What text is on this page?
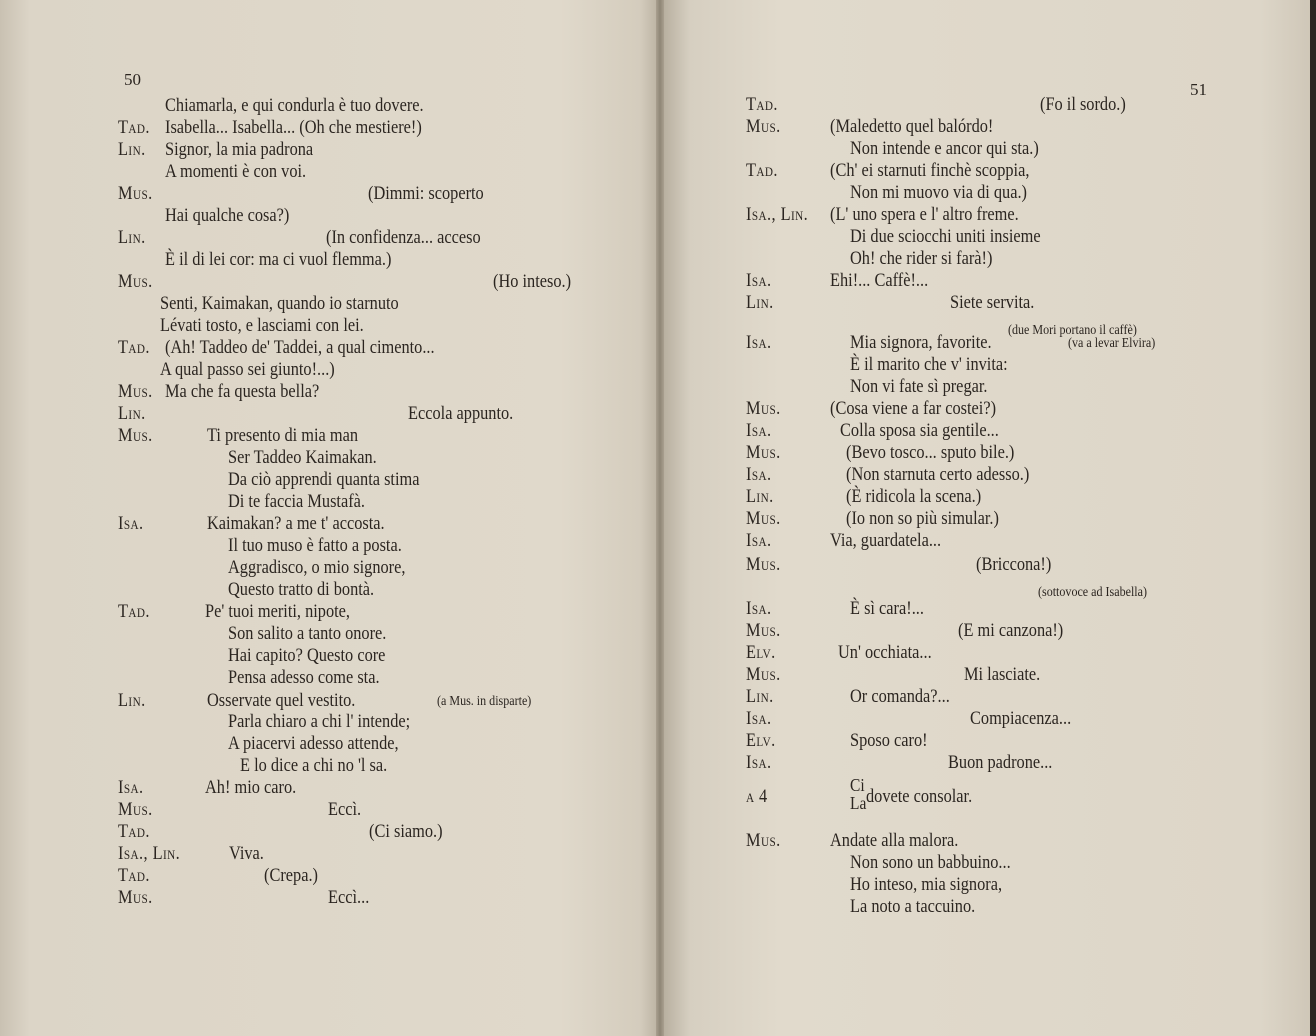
50
Chiamarla, e qui condurla è tuo dovere.
Tad. Isabella... Isabella... (Oh che mestiere!)
Lin. Signor, la mia padrona
A momenti è con voi.
Mus.	(Dimmi: scoperto
Hai qualche cosa?)
Lin.	(In confidenza... acceso
È il di lei cor: ma ci vuol flemma.)
Mus.	(Ho inteso.)
Senti, Kaimakan, quando io starnuto
Lévati tosto, e lasciami con lei.
Tad. (Ah! Taddeo de' Taddei, a qual cimento...
A qual passo sei giunto!...)
Mus. Ma che fa questa bella?
Lin.	Eccola appunto.
Mus.	Ti presento di mia man
Ser Taddeo Kaimakan.
Da ciò apprendi quanta stima
Di te faccia Mustafà.
Isa.	Kaimakan? a me t' accosta.
Il tuo muso è fatto a posta.
Aggradisco, o mio signore,
Questo tratto di bontà.
Tad.	Pe' tuoi meriti, nipote,
Son salito a tanto onore.
Hai capito? Questo core
Pensa adesso come sta.
Lin.	Osservate quel vestito.	(a Mus. in disparte)
Parla chiaro a chi l' intende;
A piacervi adesso attende,
E lo dice a chi no 'l sa.
Isa.	Ah! mio caro.
Mus.	Eccì.
Tad.	(Ci siamo.)
Isa., Lin.	Viva.
Tad.	(Crepa.)
Mus.	Eccì...
51
Tad.	(Fo il sordo.)
Mus.	(Maledetto quel balórdo!
Non intende e ancor qui sta.)
Tad.	(Ch' ei starnuti finchè scoppia,
Non mi muovo via di qua.)
Isa., Lin. (L' uno spera e l' altro freme.
Di due sciocchi uniti insieme
Oh! che rider si farà!)
Isa.	Ehi!... Caffè!...
Lin.	Siete servita.
(due Mori portano il caffè)
Isa.	Mia signora, favorite.	(va a levar Elvira)
È il marito che v' invita:
Non vi fate sì pregar.
Mus.	(Cosa viene a far costei?)
Isa.	Colla sposa sia gentile...
Mus.	(Bevo tosco... sputo bile.)
Isa.	(Non starnuta certo adesso.)
Lin.	(È ridicola la scena.)
Mus.	(Io non so più simular.)
Isa.	Via, guardatela...
Mus.	(Briccona!)
(sottovoce ad Isabella)
Isa.	È sì cara!...
Mus.	(E mi canzona!)
Elv.	Un' occhiata...
Mus.	Mi lasciate.
Lin.	Or comanda?...
Isa.	Compiacenza...
Elv.	Sposo caro!
Isa.	Buon padrone...
a 4
Ci
La dovete consolar.
Mus.	Andate alla malora.
Non sono un babbuino...
Ho inteso, mia signora,
La noto a taccuino.
